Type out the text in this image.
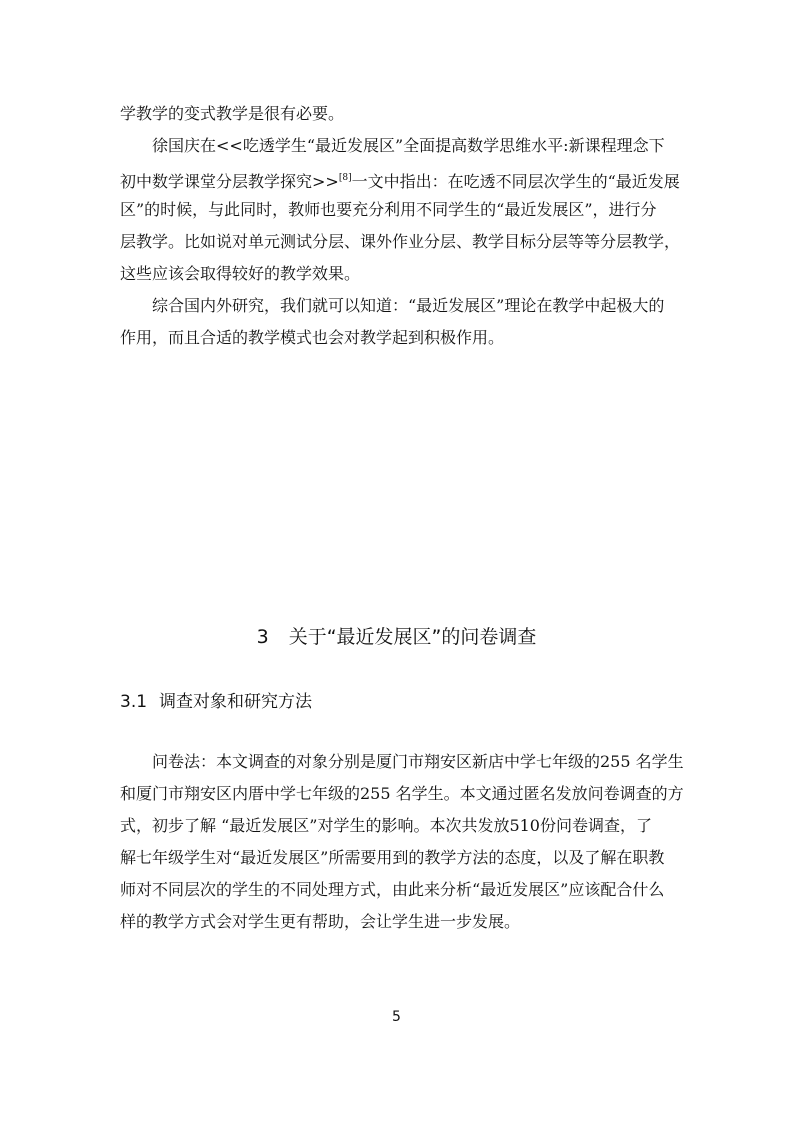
学教学的变式教学是很有必要。
徐国庆在<<吃透学生“最近发展区”全面提高数学思维水平:新课程理念下
初中数学课堂分层教学探究>>[8]一文中指出：在吃透不同层次学生的“最近发展
区”的时候，与此同时，教师也要充分利用不同学生的“最近发展区”，进行分
层教学。比如说对单元测试分层、课外作业分层、教学目标分层等等分层教学，
这些应该会取得较好的教学效果。
综合国内外研究，我们就可以知道：“最近发展区”理论在教学中起极大的
作用，而且合适的教学模式也会对教学起到积极作用。
3 关于“最近发展区”的问卷调查
3.1 调查对象和研究方法
问卷法：本文调查的对象分别是厦门市翔安区新店中学七年级的255 名学生
和厦门市翔安区内厝中学七年级的255 名学生。本文通过匿名发放问卷调查的方
式，初步了解 “最近发展区”对学生的影响。本次共发放510份问卷调查，了
解七年级学生对“最近发展区”所需要用到的教学方法的态度，以及了解在职教
师对不同层次的学生的不同处理方式，由此来分析“最近发展区”应该配合什么
样的教学方式会对学生更有帮助，会让学生进一步发展。
5
